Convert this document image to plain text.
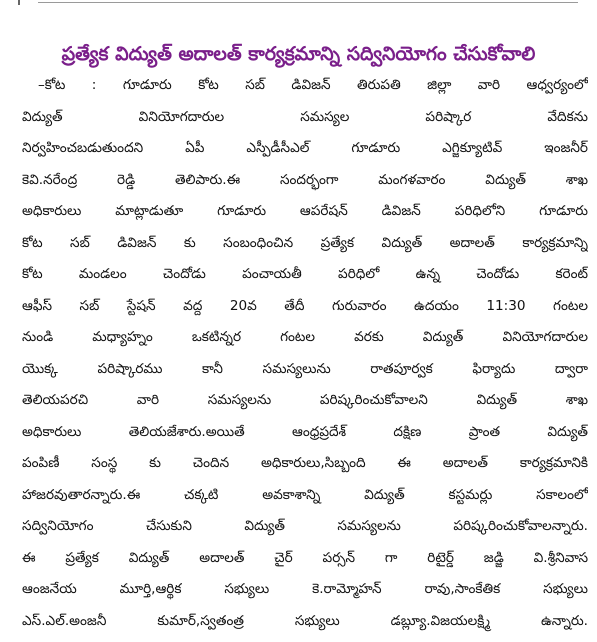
ప్రత్యేక విద్యుత్ అదాలత్ కార్యక్రమాన్ని సద్వినియోగం చేసుకోవాలి
–కోట : గూడూరు కోట సబ్ డివిజన్ తిరుపతి జిల్లా వారి ఆధ్వర్యంలో
విద్యుత్ వినియోగదారుల సమస్యల పరిష్కార వేదికను
నిర్వహించబడుతుందని ఏపీ ఎస్పీడీసీఎల్ గూడూరు ఎగ్జిక్యూటివ్ ఇంజనీర్
కెవి.నరేంద్ర రెడ్డి తెలిపారు.ఈ సందర్భంగా మంగళవారం విద్యుత్ శాఖ
అధికారులు మాట్లాడుతూ గూడూరు ఆపరేషన్ డివిజన్ పరిధిలోని గూడూరు
కోట సబ్ డివిజన్ కు సంబంధించిన ప్రత్యేక విద్యుత్ అదాలత్ కార్యక్రమాన్ని
కోట మండలం చెందోడు పంచాయతీ పరిధిలో ఉన్న చెందోడు కరెంట్
ఆఫీస్ సబ్ స్టేషన్ వద్ద 20వ తేదీ గురువారం ఉదయం 11:30 గంటల
నుండి మధ్యాహ్నం ఒకటిన్నర గంటల వరకు విద్యుత్ వినియోగదారుల
యొక్క పరిష్కారము కానీ సమస్యలును రాతపూర్వక ఫిర్యాదు ద్వారా
తెలియపరచి వారి సమస్యలను పరిష్కరించుకోవాలని విద్యుత్ శాఖ
అధికారులు తెలియజేశారు.అయితే ఆంధ్రప్రదేశ్ దక్షిణ ప్రాంత విద్యుత్
పంపిణీ సంస్థ కు చెందిన అధికారులు,సిబ్బంది ఈ అదాలత్ కార్యక్రమానికి
హాజరవుతారన్నారు.ఈ చక్కటి అవకాశాన్ని విద్యుత్ కస్టమర్లు సకాలంలో
సద్వినియోగం చేసుకుని విద్యుత్ సమస్యలను పరిష్కరించుకోవాలన్నారు.
ఈ ప్రత్యేక విద్యుత్ అదాలత్ చైర్ పర్సన్ గా రిటైర్డ్ జడ్జి వి.శ్రీనివాస
ఆంజనేయ మూర్తి,ఆర్థిక సభ్యులు కె.రామ్మోహన్ రావు,సాంకేతిక సభ్యులు
ఎస్.ఎల్.అంజనీ కుమార్,స్వతంత్ర సభ్యులు డబ్ల్యూ.విజయలక్ష్మి ఉన్నారు.
